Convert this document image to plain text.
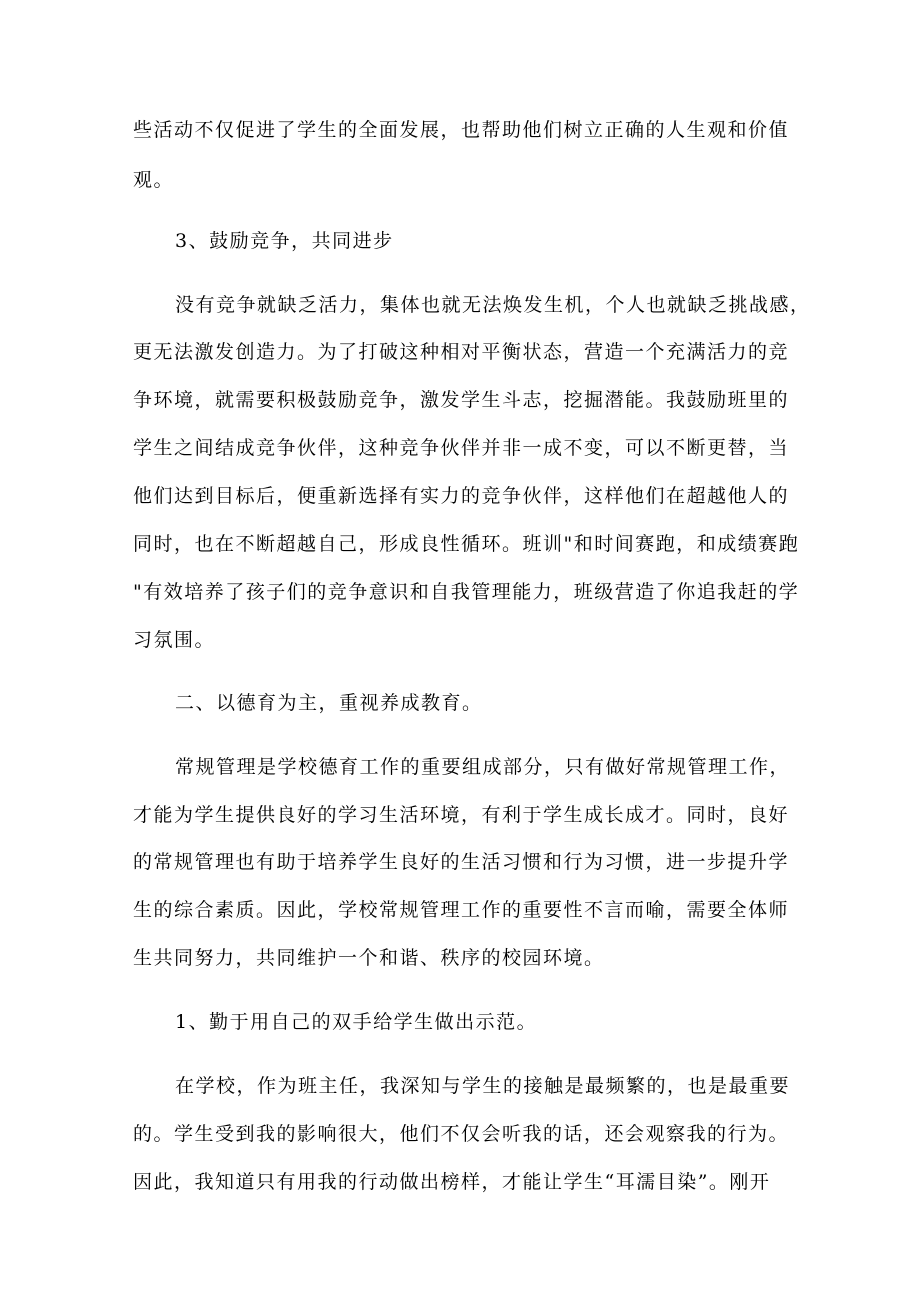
些活动不仅促进了学生的全面发展，也帮助他们树立正确的人生观和价值
观。
3、鼓励竞争，共同进步
没有竞争就缺乏活力，集体也就无法焕发生机，个人也就缺乏挑战感，
更无法激发创造力。为了打破这种相对平衡状态，营造一个充满活力的竞
争环境，就需要积极鼓励竞争，激发学生斗志，挖掘潜能。我鼓励班里的
学生之间结成竞争伙伴，这种竞争伙伴并非一成不变，可以不断更替，当
他们达到目标后，便重新选择有实力的竞争伙伴，这样他们在超越他人的
同时，也在不断超越自己，形成良性循环。班训"和时间赛跑，和成绩赛跑
"有效培养了孩子们的竞争意识和自我管理能力，班级营造了你追我赶的学
习氛围。
二、以德育为主，重视养成教育。
常规管理是学校德育工作的重要组成部分，只有做好常规管理工作，
才能为学生提供良好的学习生活环境，有利于学生成长成才。同时，良好
的常规管理也有助于培养学生良好的生活习惯和行为习惯，进一步提升学
生的综合素质。因此，学校常规管理工作的重要性不言而喻，需要全体师
生共同努力，共同维护一个和谐、秩序的校园环境。
1、勤于用自己的双手给学生做出示范。
在学校，作为班主任，我深知与学生的接触是最频繁的，也是最重要
的。学生受到我的影响很大，他们不仅会听我的话，还会观察我的行为。
因此，我知道只有用我的行动做出榜样，才能让学生“耳濡目染”。刚开
